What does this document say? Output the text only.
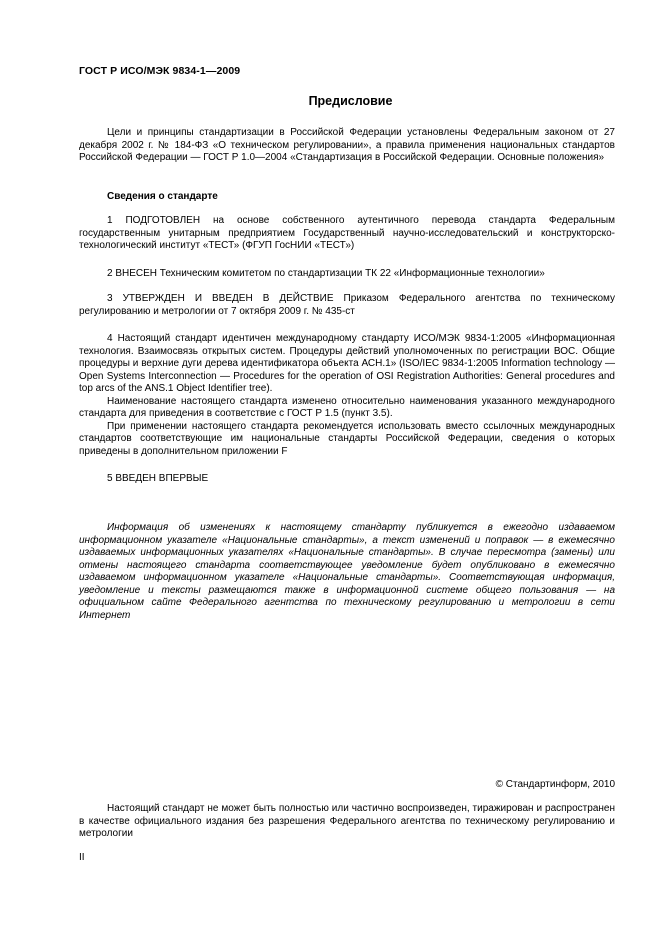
ГОСТ Р ИСО/МЭК 9834-1—2009
Предисловие

Цели и принципы стандартизации в Российской Федерации установлены Федеральным законом от 27 декабря 2002 г. № 184-ФЗ «О техническом регулировании», а правила применения национальных стандартов Российской Федерации — ГОСТ Р 1.0—2004 «Стандартизация в Российской Федерации. Основные положения»

Сведения о стандарте

1 ПОДГОТОВЛЕН на основе собственного аутентичного перевода стандарта Федеральным государственным унитарным предприятием Государственный научно-исследовательский и конструкторско-технологический институт «ТЕСТ» (ФГУП ГосНИИ «ТЕСТ»)

2 ВНЕСЕН Техническим комитетом по стандартизации ТК 22 «Информационные технологии»

3 УТВЕРЖДЕН И ВВЕДЕН В ДЕЙСТВИЕ Приказом Федерального агентства по техническому регулированию и метрологии от 7 октября 2009 г. № 435-ст

4 Настоящий стандарт идентичен международному стандарту ИСО/МЭК 9834-1:2005 «Информационная технология. Взаимосвязь открытых систем. Процедуры действий уполномоченных по регистрации ВОС. Общие процедуры и верхние дуги дерева идентификатора объекта АСН.1» (ISO/IEC 9834-1:2005 Information technology — Open Systems Interconnection — Procedures for the operation of OSI Registration Authorities: General procedures and top arcs of the ANS.1 Object Identifier tree).

Наименование настоящего стандарта изменено относительно наименования указанного международного стандарта для приведения в соответствие с ГОСТ Р 1.5 (пункт 3.5).

При применении настоящего стандарта рекомендуется использовать вместо ссылочных международных стандартов соответствующие им национальные стандарты Российской Федерации, сведения о которых приведены в дополнительном приложении F

5 ВВЕДЕН ВПЕРВЫЕ

Информация об изменениях к настоящему стандарту публикуется в ежегодно издаваемом информационном указателе «Национальные стандарты», а текст изменений и поправок — в ежемесячно издаваемых информационных указателях «Национальные стандарты». В случае пересмотра (замены) или отмены настоящего стандарта соответствующее уведомление будет опубликовано в ежемесячно издаваемом информационном указателе «Национальные стандарты». Соответствующая информация, уведомление и тексты размещаются также в информационной системе общего пользования — на официальном сайте Федерального агентства по техническому регулированию и метрологии в сети Интернет

© Стандартинформ, 2010

Настоящий стандарт не может быть полностью или частично воспроизведен, тиражирован и распространен в качестве официального издания без разрешения Федерального агентства по техническому регулированию и метрологии

II
